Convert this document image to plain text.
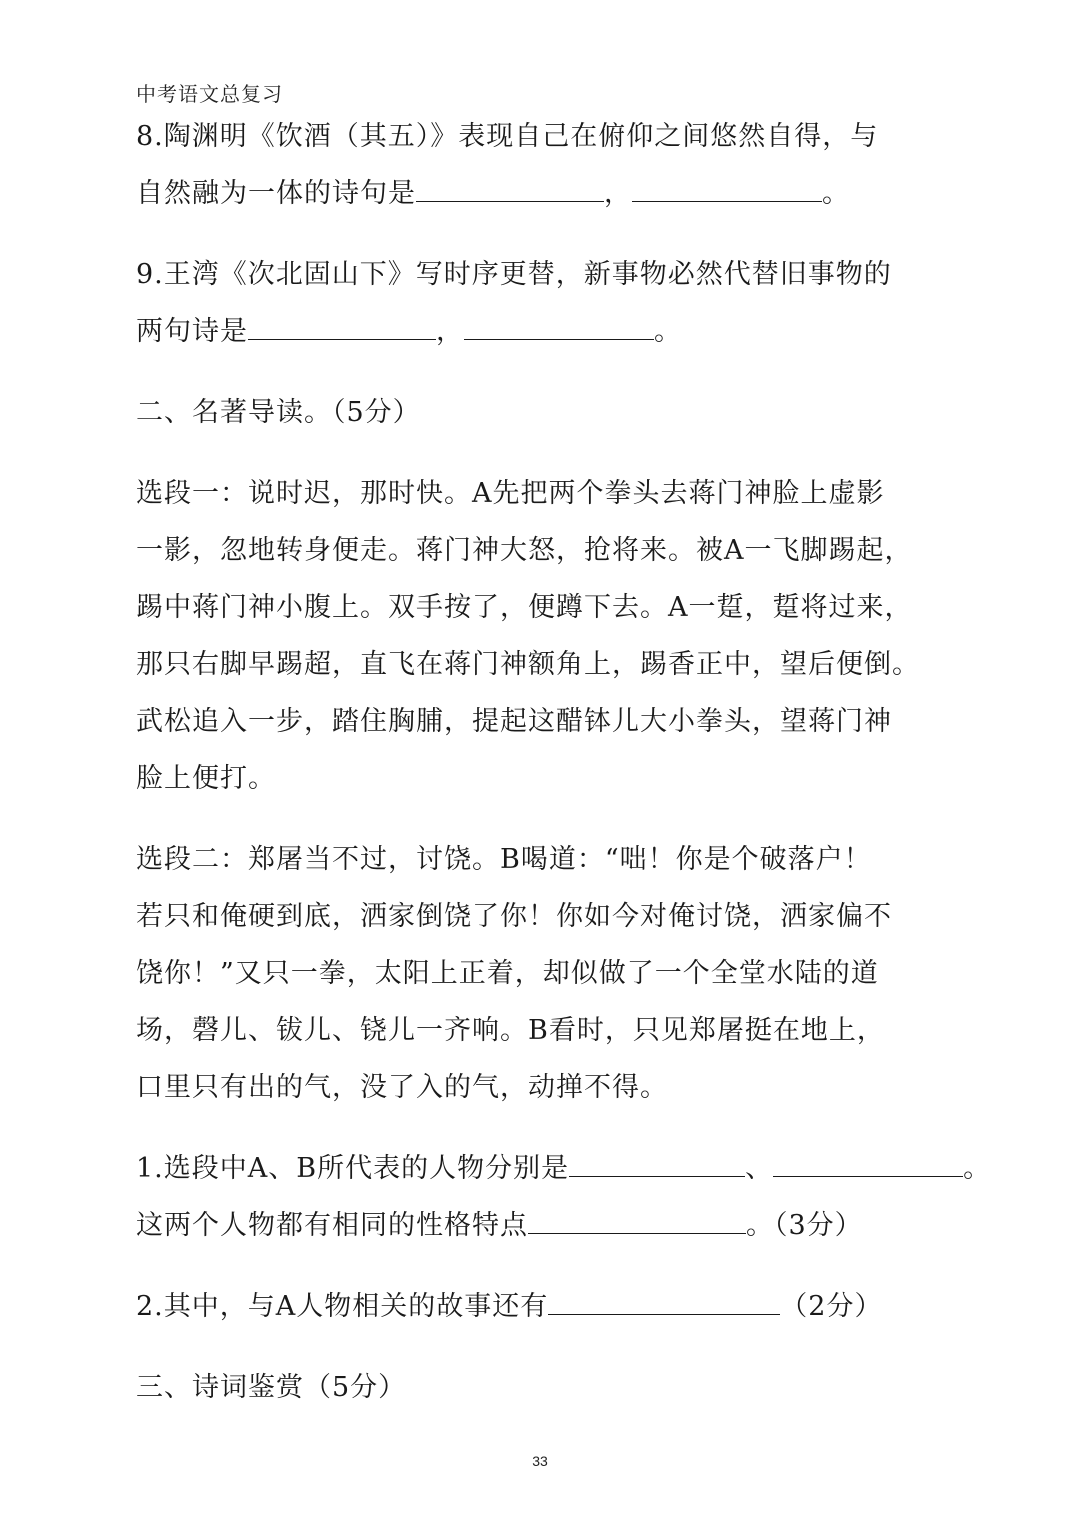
中考语文总复习
8.陶渊明《饮酒（其五）》表现自己在俯仰之间悠然自得，与
自然融为一体的诗句是	，	。
9.王湾《次北固山下》写时序更替，新事物必然代替旧事物的
两句诗是	，	。
二、名著导读。（5分）
选段一：说时迟，那时快。A先把两个拳头去蒋门神脸上虚影
一影，忽地转身便走。蒋门神大怒，抢将来。被A一飞脚踢起，
踢中蒋门神小腹上。双手按了，便蹲下去。A一踅，踅将过来，
那只右脚早踢超，直飞在蒋门神额角上，踢香正中，望后便倒。
武松追入一步，踏住胸脯，提起这醋钵儿大小拳头，望蒋门神
脸上便打。
选段二：郑屠当不过，讨饶。B喝道：“咄！你是个破落户！
若只和俺硬到底，洒家倒饶了你！你如今对俺讨饶，洒家偏不
饶你！”又只一拳，太阳上正着，却似做了一个全堂水陆的道
场，磬儿、钹儿、铙儿一齐响。B看时，只见郑屠挺在地上，
口里只有出的气，没了入的气，动掸不得。
1.选段中A、B所代表的人物分别是	、	。
这两个人物都有相同的性格特点	。（3分）
2.其中，与A人物相关的故事还有	（2分）
三、诗词鉴赏（5分）
33
